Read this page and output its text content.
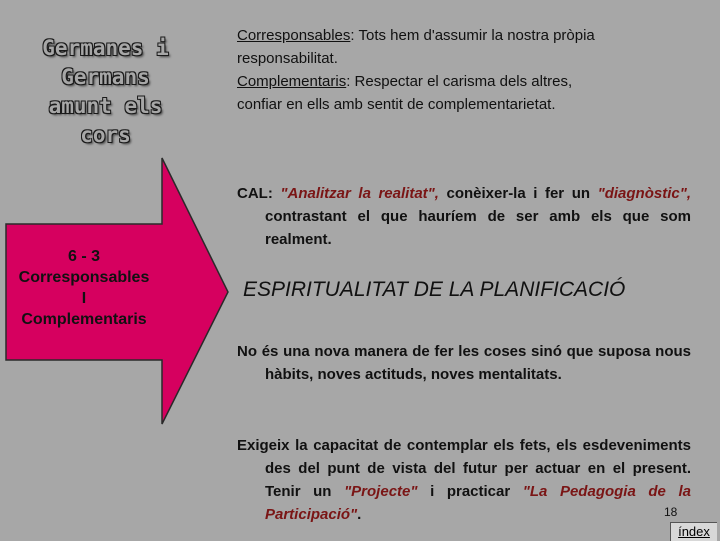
Germanes i
Germans
amunt els cors
6 - 3
Corresponsables
I
Complementaris

Corresponsables: Tots hem d'assumir la nostra pròpia responsabilitat.

Complementaris: Respectar el carisma dels altres, confiar en ells amb sentit de complementarietat.

CAL: "Analitzar la realitat", conèixer-la i fer un "diagnòstic", contrastant el que hauríem de ser amb els que som realment.

ESPIRITUALITAT DE LA PLANIFICACIÓ

No és una nova manera de fer les coses sinó que suposa nous hàbits, noves actituds, noves mentalitats.

Exigeix la capacitat de contemplar els fets, els esdeveniments des del punt de vista del futur per actuar en el present. Tenir un "Projecte" i practicar "La Pedagogia de la Participació".	18
índex
